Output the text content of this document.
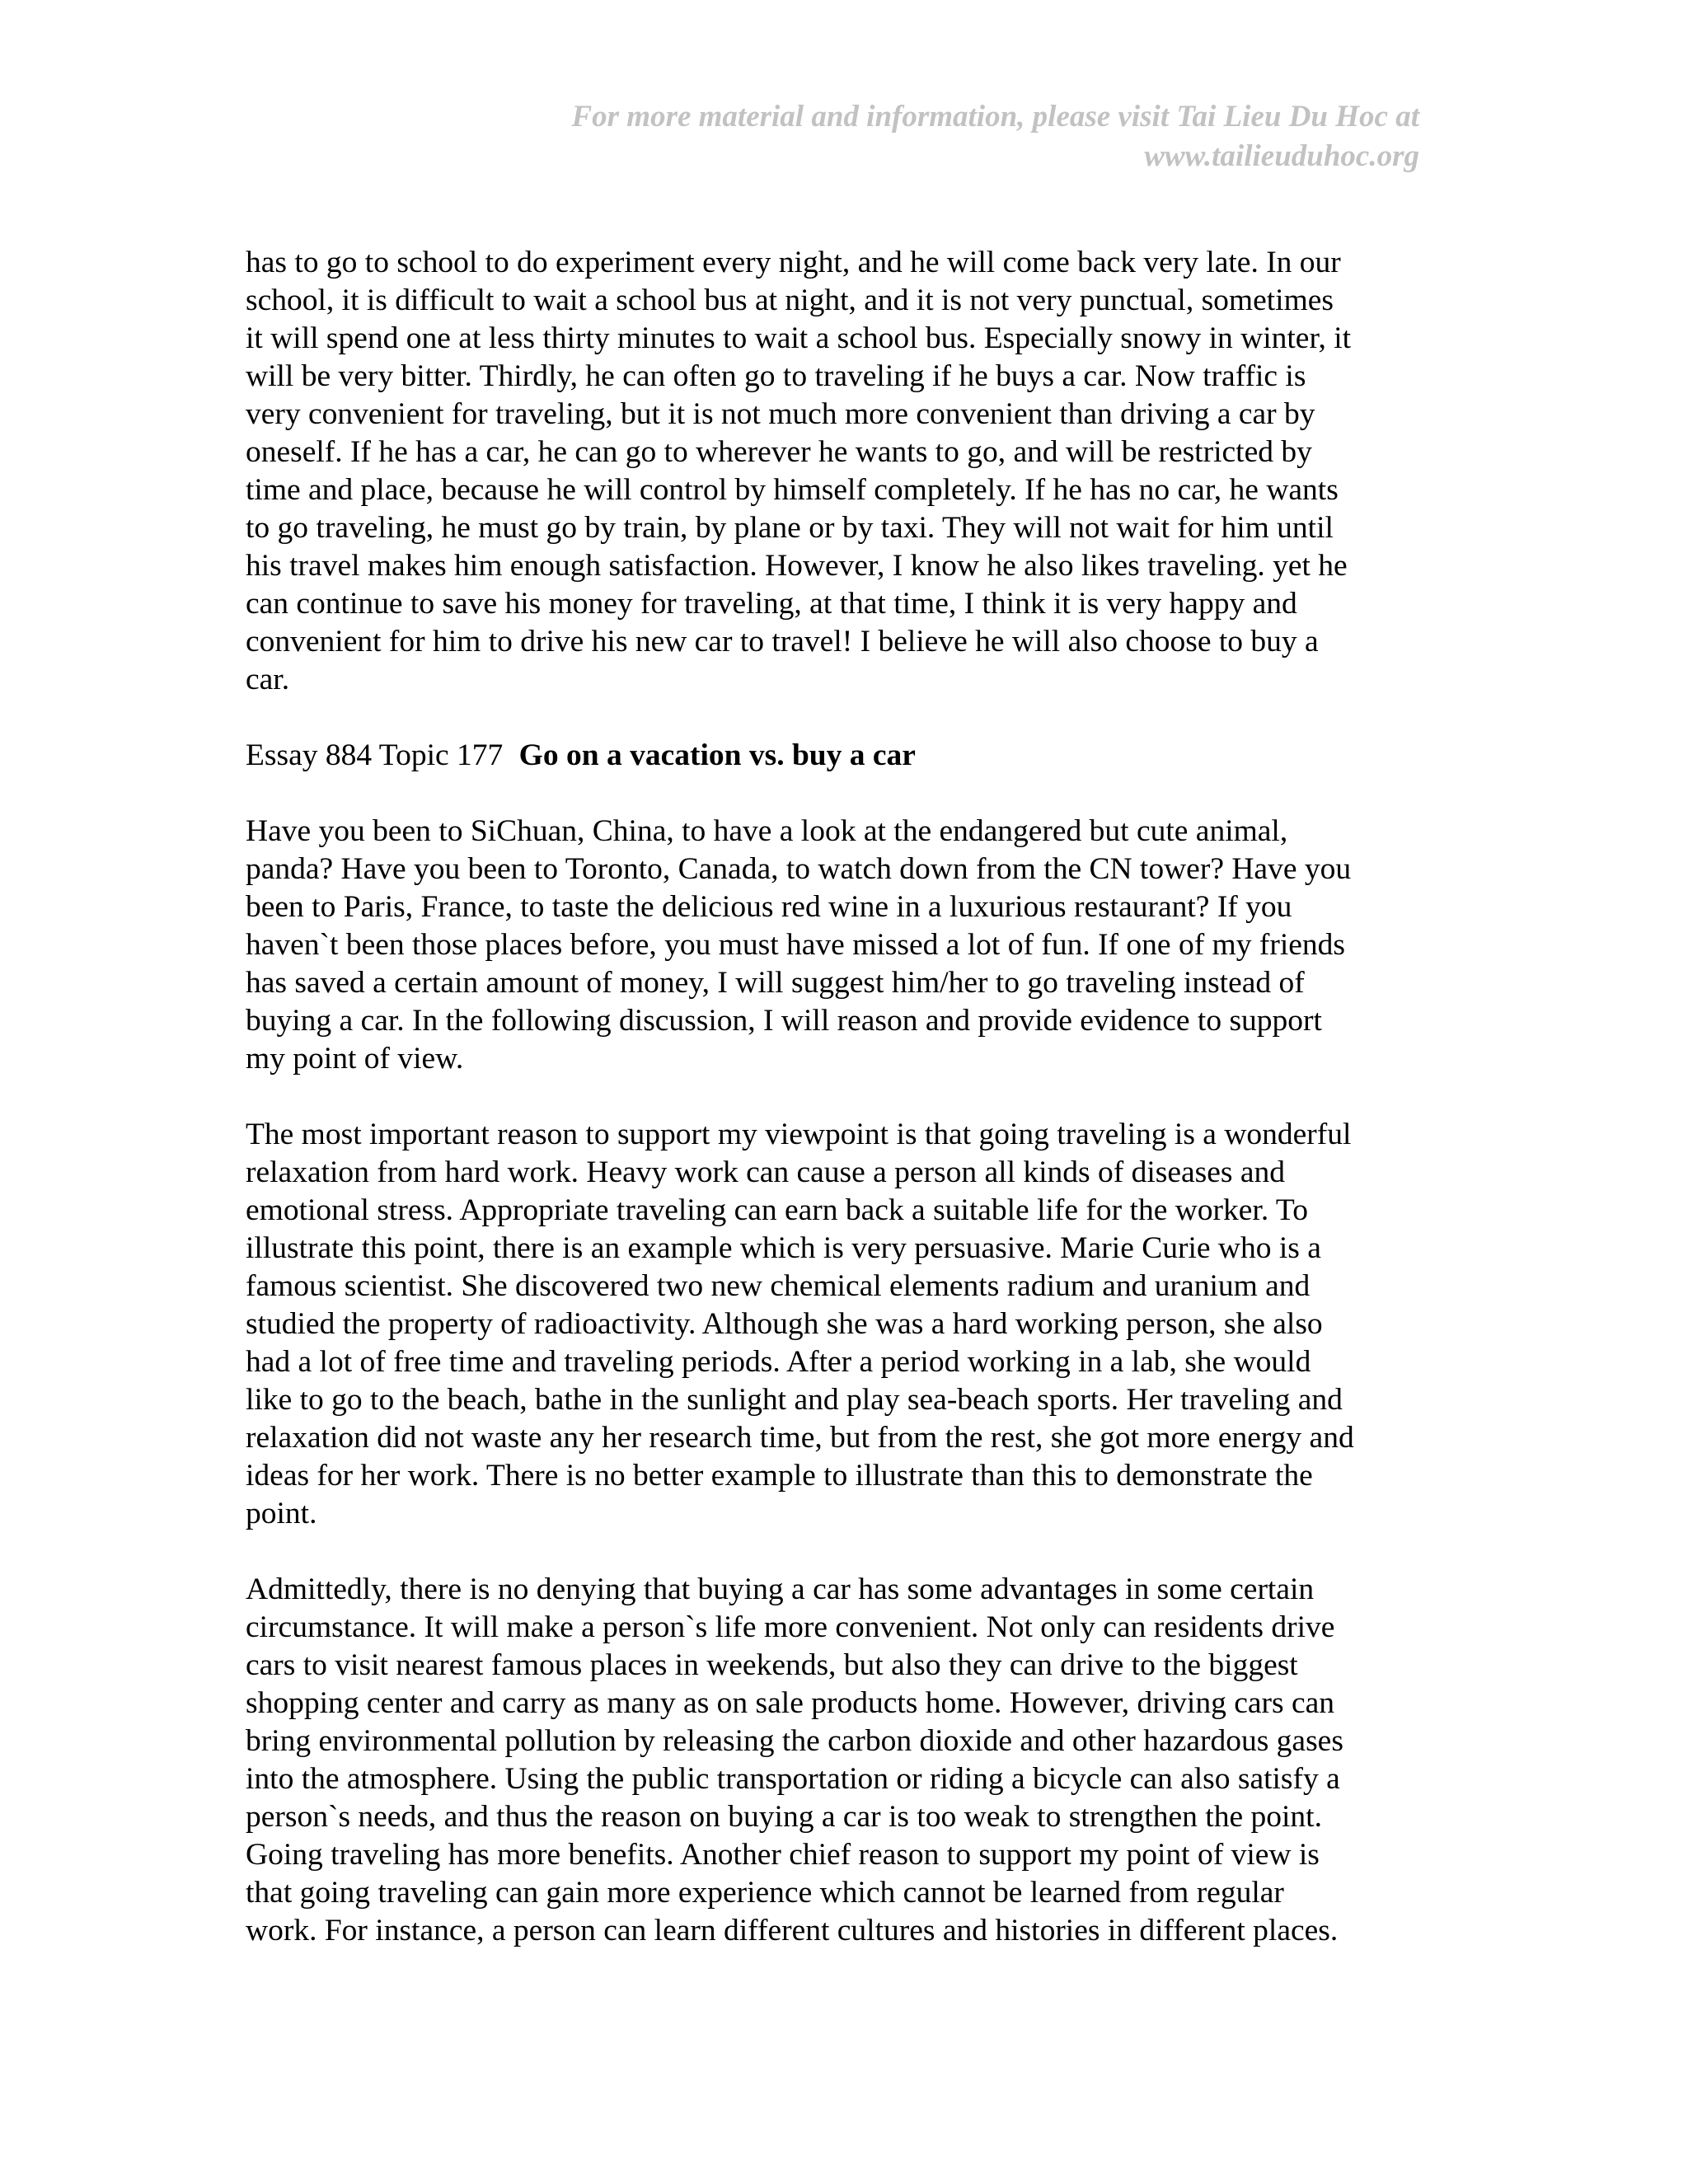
For more material and information, please visit Tai Lieu Du Hoc at
www.tailieuduhoc.org

has to go to school to do experiment every night, and he will come back very late. In our
school, it is difficult to wait a school bus at night, and it is not very punctual, sometimes
it will spend one at less thirty minutes to wait a school bus. Especially snowy in winter, it
will be very bitter. Thirdly, he can often go to traveling if he buys a car. Now traffic is
very convenient for traveling, but it is not much more convenient than driving a car by
oneself. If he has a car, he can go to wherever he wants to go, and will be restricted by
time and place, because he will control by himself completely. If he has no car, he wants
to go traveling, he must go by train, by plane or by taxi. They will not wait for him until
his travel makes him enough satisfaction. However, I know he also likes traveling. yet he
can continue to save his money for traveling, at that time, I think it is very happy and
convenient for him to drive his new car to travel! I believe he will also choose to buy a
car.

Essay 884 Topic 177 Go on a vacation vs. buy a car

Have you been to SiChuan, China, to have a look at the endangered but cute animal,
panda? Have you been to Toronto, Canada, to watch down from the CN tower? Have you
been to Paris, France, to taste the delicious red wine in a luxurious restaurant? If you
haven`t been those places before, you must have missed a lot of fun. If one of my friends
has saved a certain amount of money, I will suggest him/her to go traveling instead of
buying a car. In the following discussion, I will reason and provide evidence to support
my point of view.

The most important reason to support my viewpoint is that going traveling is a wonderful
relaxation from hard work. Heavy work can cause a person all kinds of diseases and
emotional stress. Appropriate traveling can earn back a suitable life for the worker. To
illustrate this point, there is an example which is very persuasive. Marie Curie who is a
famous scientist. She discovered two new chemical elements radium and uranium and
studied the property of radioactivity. Although she was a hard working person, she also
had a lot of free time and traveling periods. After a period working in a lab, she would
like to go to the beach, bathe in the sunlight and play sea-beach sports. Her traveling and
relaxation did not waste any her research time, but from the rest, she got more energy and
ideas for her work. There is no better example to illustrate than this to demonstrate the
point.

Admittedly, there is no denying that buying a car has some advantages in some certain
circumstance. It will make a person`s life more convenient. Not only can residents drive
cars to visit nearest famous places in weekends, but also they can drive to the biggest
shopping center and carry as many as on sale products home. However, driving cars can
bring environmental pollution by releasing the carbon dioxide and other hazardous gases
into the atmosphere. Using the public transportation or riding a bicycle can also satisfy a
person`s needs, and thus the reason on buying a car is too weak to strengthen the point.
Going traveling has more benefits. Another chief reason to support my point of view is
that going traveling can gain more experience which cannot be learned from regular
work. For instance, a person can learn different cultures and histories in different places.
